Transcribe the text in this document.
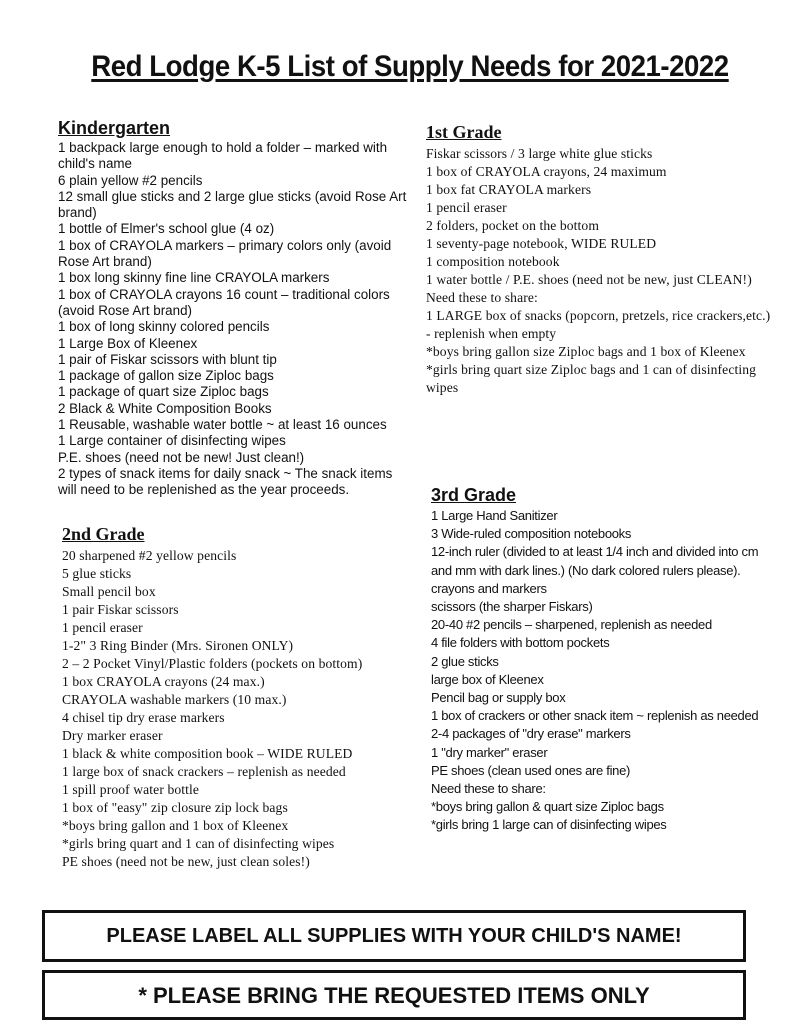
Red Lodge K-5 List of Supply Needs for 2021-2022
Kindergarten
1 backpack large enough to hold a folder – marked with child's name
6 plain yellow #2 pencils
12 small glue sticks and 2 large glue sticks (avoid Rose Art brand)
1 bottle of Elmer's school glue (4 oz)
1 box of CRAYOLA markers – primary colors only (avoid Rose Art brand)
1 box long skinny fine line CRAYOLA markers
1 box of CRAYOLA crayons 16 count – traditional colors (avoid Rose Art brand)
1 box of long skinny colored pencils
1 Large Box of Kleenex
1 pair of Fiskar scissors with blunt tip
1 package of gallon size Ziploc bags
1 package of quart size Ziploc bags
2 Black & White Composition Books
1 Reusable, washable water bottle ~ at least 16 ounces
1 Large container of disinfecting wipes
P.E. shoes (need not be new! Just clean!)
2 types of snack items for daily snack ~ The snack items will need to be replenished as the year proceeds.
1st Grade
Fiskar scissors / 3 large white glue sticks
1 box of CRAYOLA crayons, 24 maximum
1 box fat CRAYOLA markers
1 pencil eraser
2 folders, pocket on the bottom
1 seventy-page notebook, WIDE RULED
1 composition notebook
1 water bottle / P.E. shoes (need not be new, just CLEAN!)
Need these to share:
1 LARGE box of snacks (popcorn, pretzels, rice crackers,etc.) - replenish when empty
*boys bring gallon size Ziploc bags and 1 box of Kleenex
*girls bring quart size Ziploc bags and 1 can of disinfecting wipes
2nd Grade
20 sharpened #2 yellow pencils
5 glue sticks
Small pencil box
1 pair Fiskar scissors
1 pencil eraser
1-2" 3 Ring Binder (Mrs. Sironen ONLY)
2 – 2 Pocket Vinyl/Plastic folders (pockets on bottom)
1 box CRAYOLA crayons (24 max.)
CRAYOLA washable markers (10 max.)
4 chisel tip dry erase markers
Dry marker eraser
1 black & white composition book – WIDE RULED
1 large box of snack crackers – replenish as needed
1 spill proof water bottle
1 box of "easy" zip closure zip lock bags
*boys bring gallon and 1 box of Kleenex
*girls bring quart and 1 can of disinfecting wipes
PE shoes (need not be new, just clean soles!)
3rd Grade
1 Large Hand Sanitizer
3 Wide-ruled composition notebooks
12-inch ruler (divided to at least 1/4 inch and divided into cm and mm with dark lines.) (No dark colored rulers please).
crayons and markers
scissors (the sharper Fiskars)
20-40 #2 pencils – sharpened, replenish as needed
4 file folders with bottom pockets
2 glue sticks
large box of Kleenex
Pencil bag or supply box
1 box of crackers or other snack item ~ replenish as needed
2-4 packages of "dry erase" markers
1 "dry marker" eraser
PE shoes (clean used ones are fine)
Need these to share:
*boys bring gallon & quart size Ziploc bags
*girls bring 1 large can of disinfecting wipes
PLEASE LABEL ALL SUPPLIES WITH YOUR CHILD'S NAME!
* PLEASE BRING THE REQUESTED ITEMS ONLY
